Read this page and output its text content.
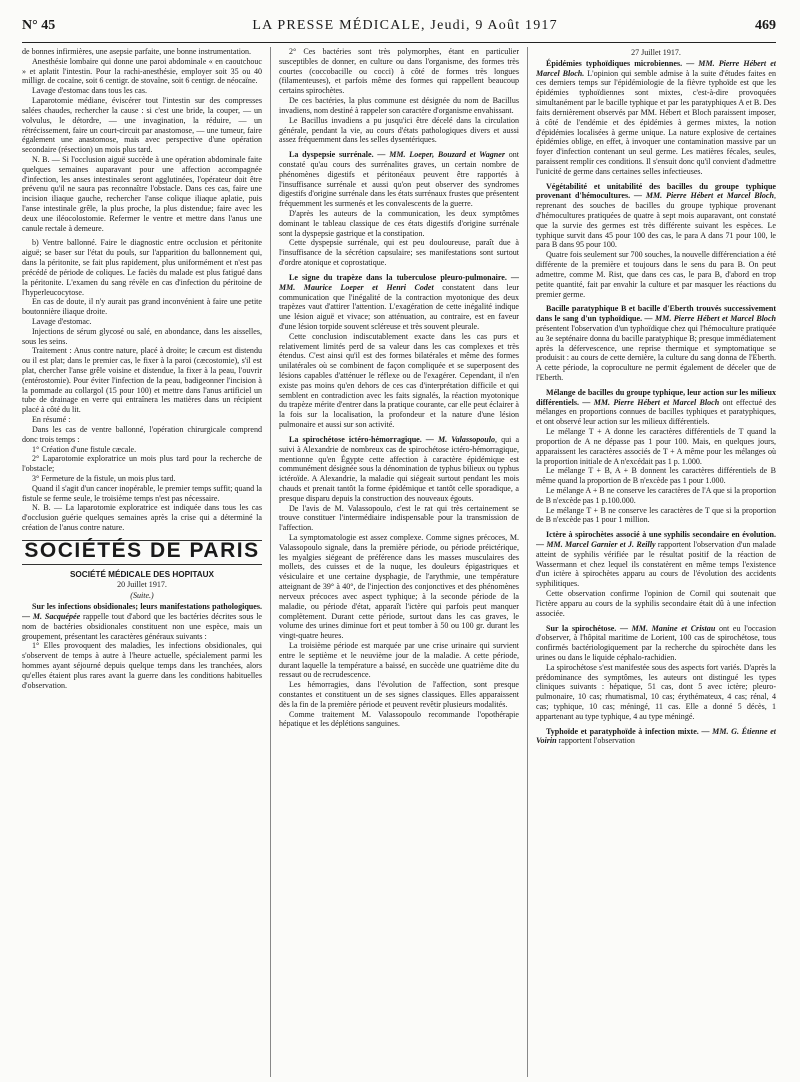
N° 45	LA PRESSE MÉDICALE, Jeudi, 9 Août 1917	469

de bonnes infirmières, une asepsie parfaite, une bonne instrumentation.

Anesthésie lombaire qui donne une paroi abdominale « en caoutchouc » et aplatit l'intestin. Pour la rachi-anesthésie, employer soit 35 ou 40 milligr. de cocaïne, soit 6 centigr. de stovaïne, soit 6 centigr. de néocaïne.

Lavage d'estomac dans tous les cas.

Laparotomie médiane, éviscérer tout l'intestin sur des compresses salées chaudes, rechercher la cause : si c'est une bride, la couper, — un volvulus, le détordre, — une invagination, la réduire, — un rétrécissement, faire un court-circuit par anastomose, — une tumeur, faire également une anastomose, mais avec perspective d'une opération secondaire (résection) un mois plus tard.

N. B. — Si l'occlusion aiguë succède à une opération abdominale faite quelques semaines auparavant pour une affection accompagnée d'infection, les anses intestinales seront agglutinées, l'opérateur doit être prévenu qu'il ne saura pas reconnaître l'obstacle. Dans ces cas, faire une incision iliaque gauche, rechercher l'anse colique iliaque aplatie, puis l'anse intestinale grêle, la plus proche, la plus distendue; faire avec les deux une iléocolostomie. Refermer le ventre et mettre dans l'anus une canule rectale à demeure.

b) Ventre ballonné. Faire le diagnostic entre occlusion et péritonite aiguë; se baser sur l'état du pouls, sur l'apparition du ballonnement qui, dans la péritonite, se fait plus rapidement, plus uniformément et n'est pas précédé de période de coliques. Le faciès du malade est plus fatigué dans la péritonite. L'examen du sang révèle en cas d'infection du péritoine de l'hyperleucocytose.

En cas de doute, il n'y aurait pas grand inconvénient à faire une petite boutonnière iliaque droite.

Lavage d'estomac.

Injections de sérum glycosé ou salé, en abondance, dans les aisselles, sous les seins.

Traitement : Anus contre nature, placé à droite; le cæcum est distendu ou il est plat; dans le premier cas, le fixer à la paroi (cæcostomie), s'il est plat, chercher l'anse grêle voisine et distendue, la fixer à la peau, l'ouvrir (entérostomie). Pour éviter l'infection de la peau, badigeonner l'incision à la pommade au collargol (15 pour 100) et mettre dans l'anus artificiel un tube de drainage en verre qui entraînera les matières dans un récipient placé à côté du lit.

En résumé :

Dans les cas de ventre ballonné, l'opération chirurgicale comprend donc trois temps :

1° Création d'une fistule cæcale.

2° Laparotomie exploratrice un mois plus tard pour la recherche de l'obstacle;

3° Fermeture de la fistule, un mois plus tard.

Quand il s'agit d'un cancer inopérable, le premier temps suffit; quand la fistule se ferme seule, le troisième temps n'est pas nécessaire.

N. B. — La laparotomie exploratrice est indiquée dans tous les cas d'occlusion guérie quelques semaines après la crise qui a déterminé la création de l'anus contre nature.

SOCIÉTÉS DE PARIS
SOCIÉTÉ MÉDICALE DES HOPITAUX

20 Juillet 1917.

(Suite.)

Sur les infections obsidionales; leurs manifestations pathologiques. — M. Sacquépée rappelle tout d'abord que les bactéries décrites sous le nom de bactéries obsidionales constituent non une espèce, mais un groupement, présentant les caractères généraux suivants :

1° Elles provoquent des maladies, les infections obsidionales, qui s'observent de temps à autre à l'heure actuelle, spécialement parmi les hommes ayant séjourné depuis quelque temps dans les tranchées, alors qu'elles étaient plus rares avant la guerre dans les conditions habituelles d'observation.

2° Ces bactéries sont très polymorphes, étant en particulier susceptibles de donner, en culture ou dans l'organisme, des formes très courtes (coccobacille ou cocci) à côté de formes très longues (filamenteuses), et parfois même des formes qui rappellent beaucoup certains spirochètes.

De ces bactéries, la plus commune est désignée du nom de Bacillus invadiens, nom destiné à rappeler son caractère d'organisme envahissant.

Le Bacillus invadiens a pu jusqu'ici être décelé dans la circulation générale, pendant la vie, au cours d'états pathologiques divers et aussi assez fréquemment dans les selles dysentériques.

La dyspepsie surrénale. — MM. Loeper, Bouzard et Wagner ont constaté qu'au cours des surrénalites graves, un certain nombre de phénomènes digestifs et péritonéaux peuvent être rapportés à l'insuffisance surrénale et aussi qu'on peut observer des syndromes digestifs d'origine surrénale dans les états surrénaux frustes que présentent fréquemment les surmenés et les convalescents de la guerre.

D'après les auteurs de la communication, les deux symptômes dominant le tableau classique de ces états digestifs d'origine surrénale sont la dyspepsie gastrique et la constipation.

Cette dyspepsie surrénale, qui est peu douloureuse, paraît due à l'insuffisance de la sécrétion capsulaire; ses manifestations sont surtout d'ordre atonique et coprostatique.

Le signe du trapèze dans la tuberculose pleuro-pulmonaire. — MM. Maurice Loeper et Henri Codet constatent dans leur communication que l'inégalité de la contraction myotonique des deux trapèzes vaut d'attirer l'attention. L'exagération de cette inégalité indique une lésion aiguë et vivace; son atténuation, au contraire, est en faveur d'une lésion torpide souvent scléreuse et très souvent pleurale.

Cette conclusion indiscutablement exacte dans les cas purs et relativement limités perd de sa valeur dans les cas complexes et très étendus. C'est ainsi qu'il est des formes bilatérales et même des formes unilatérales où se combinent de façon compliquée et se superposent des lésions capables d'atténuer le réflexe ou de l'exagérer. Cependant, il n'en existe pas moins qu'en dehors de ces cas d'interprétation difficile et qui semblent en contradiction avec les faits signalés, la réaction myotonique du trapèze mérite d'entrer dans la pratique courante, car elle peut éclairer à la fois sur la localisation, la profondeur et la nature d'une lésion pulmonaire et aussi sur son activité.

La spirochétose ictéro-hémorragique. — M. Valassopoulo, qui a suivi à Alexandrie de nombreux cas de spirochétose ictéro-hémorragique, mentionne qu'en Égypte cette affection à caractère épidémique est communément désignée sous la dénomination de typhus bilieux ou typhus ictéroïde. A Alexandrie, la maladie qui siégeait surtout pendant les mois chauds et prenait tantôt la forme épidémique et tantôt celle sporadique, a presque disparu depuis la construction des nouveaux égouts.

De l'avis de M. Valassopoulo, c'est le rat qui très certainement se trouve constituer l'intermédiaire indispensable pour la transmission de l'affection.

La symptomatologie est assez complexe. Comme signes précoces, M. Valassopoulo signale, dans la première période, ou période préictérique, les myalgies siégeant de préférence dans les masses musculaires des mollets, des cuisses et de la nuque, les douleurs épigastriques et vésiculaire et une certaine dysphagie, de l'arythmie, une température atteignant de 39° à 40°, de l'injection des conjonctives et des phénomènes nerveux précoces avec aspect typhique; à la seconde période de la maladie, ou période d'état, apparaît l'ictère qui parfois peut manquer complètement. Durant cette période, surtout dans les cas graves, le volume des urines diminue fort et peut tomber à 50 ou 100 gr. durant les vingt-quatre heures.

La troisième période est marquée par une crise urinaire qui survient entre le septième et le neuvième jour de la maladie. A cette période, durant laquelle la température a baissé, en succède une quatrième dite du ressaut ou de recrudescence.

Les hémorragies, dans l'évolution de l'affection, sont presque constantes et constituent un de ses signes classiques. Elles apparaissent dès la fin de la première période et peuvent revêtir plusieurs modalités.

Comme traitement M. Valassopoulo recommande l'opothérapie hépatique et les déplétions sanguines.

27 Juillet 1917.

Épidémies typhoïdiques microbiennes. — MM. Pierre Hébert et Marcel Bloch. L'opinion qui semble admise à la suite d'études faites en ces derniers temps sur l'épidémiologie de la fièvre typhoïde est que les épidémies typhoïdiennes sont mixtes, c'est-à-dire provoquées simultanément par le bacille typhique et par les paratyphiques A et B. Des faits dernièrement observés par MM. Hébert et Bloch paraissent imposer, à côté de l'endémie et des épidémies à germes mixtes, la notion d'épidémies localisées à germe unique. La nature explosive de certaines épidémies oblige, en effet, à invoquer une contamination massive par un foyer d'infection contenant un seul germe. Les matières fécales, seules, paraissent remplir ces conditions. Il s'ensuit donc qu'il convient d'admettre l'unicité de germe dans certaines selles infectieuses.

Végétabilité et unitabilité des bacilles du groupe typhique provenant d'hémocultures. — MM. Pierre Hébert et Marcel Bloch, reprenant des souches de bacilles du groupe typhique provenant d'hémocultures pratiquées de quatre à sept mois auparavant, ont constaté que la survie des germes est très différente suivant les espèces. Le typhique survit dans 45 pour 100 des cas, le para A dans 71 pour 100, le para B dans 95 pour 100.

Quatre fois seulement sur 700 souches, la nouvelle différenciation a été différente de la première et toujours dans le sens du para B. On peut admettre, comme M. Rist, que dans ces cas, le para B, d'abord en trop petite quantité, fait par envahir la culture et par masquer les réactions du premier germe.

Bacille paratyphique B et bacille d'Eberth trouvés successivement dans le sang d'un typhoïdique. — MM. Pierre Hébert et Marcel Bloch présentent l'observation d'un typhoïdique chez qui l'hémoculture pratiquée au 3e septénaire donna du bacille paratyphique B; presque immédiatement après la défervescence, une reprise thermique et symptomatique se produisit : au cours de cette dernière, la culture du sang donna de l'Eberth. A cette période, la coproculture ne permit également de déceler que de l'Eberth.

Mélange de bacilles du groupe typhique, leur action sur les milieux différentiels. — MM. Pierre Hébert et Marcel Bloch ont effectué des mélanges en proportions connues de bacilles typhiques et paratyphiques, et ont observé leur action sur les milieux différentiels.

Le mélange T + A donne les caractères différentiels de T quand la proportion de A ne dépasse pas 1 pour 100. Mais, en quelques jours, apparaissent les caractères associés de T + A même pour les mélanges où la proportion initiale de A n'excédait pas 1 p. 1.000.

Le mélange T + B, A + B donnent les caractères différentiels de B même quand la proportion de B n'excède pas 1 pour 1.000.

Le mélange A + B ne conserve les caractères de l'A que si la proportion de B n'excède pas 1 p.100.000.

Le mélange T + B ne conserve les caractères de T que si la proportion de B n'excède pas 1 pour 1 million.

Ictère à spirochètes associé à une syphilis secondaire en évolution. — MM. Marcel Garnier et J. Reilly rapportent l'observation d'un malade atteint de syphilis vérifiée par le résultat positif de la réaction de Wassermann et chez lequel ils constatèrent en même temps l'existence d'un ictère à spirochètes apparu au cours de l'évolution des accidents syphilitiques.

Cette observation confirme l'opinion de Cornil qui soutenait que l'ictère apparu au cours de la syphilis secondaire était dû à une infection associée.

Sur la spirochétose. — MM. Manine et Cristau ont eu l'occasion d'observer, à l'hôpital maritime de Lorient, 100 cas de spirochétose, tous confirmés bactériologiquement par la recherche du spirochète dans les urines ou dans le liquide céphalo-rachidien.

La spirochétose s'est manifestée sous des aspects fort variés. D'après la prédominance des symptômes, les auteurs ont distingué les types cliniques suivants : hépatique, 51 cas, dont 5 avec ictère; pleuro-pulmonaire, 10 cas; rhumatismal, 10 cas; érythémateux, 4 cas; rénal, 4 cas; typhique, 10 cas; méningé, 11 cas. Elle a donné 5 décès, 1 appartenant au type typhique, 4 au type méningé.

Typhoïde et paratyphoïde à infection mixte. — MM. G. Étienne et Voirin rapportent l'observation
